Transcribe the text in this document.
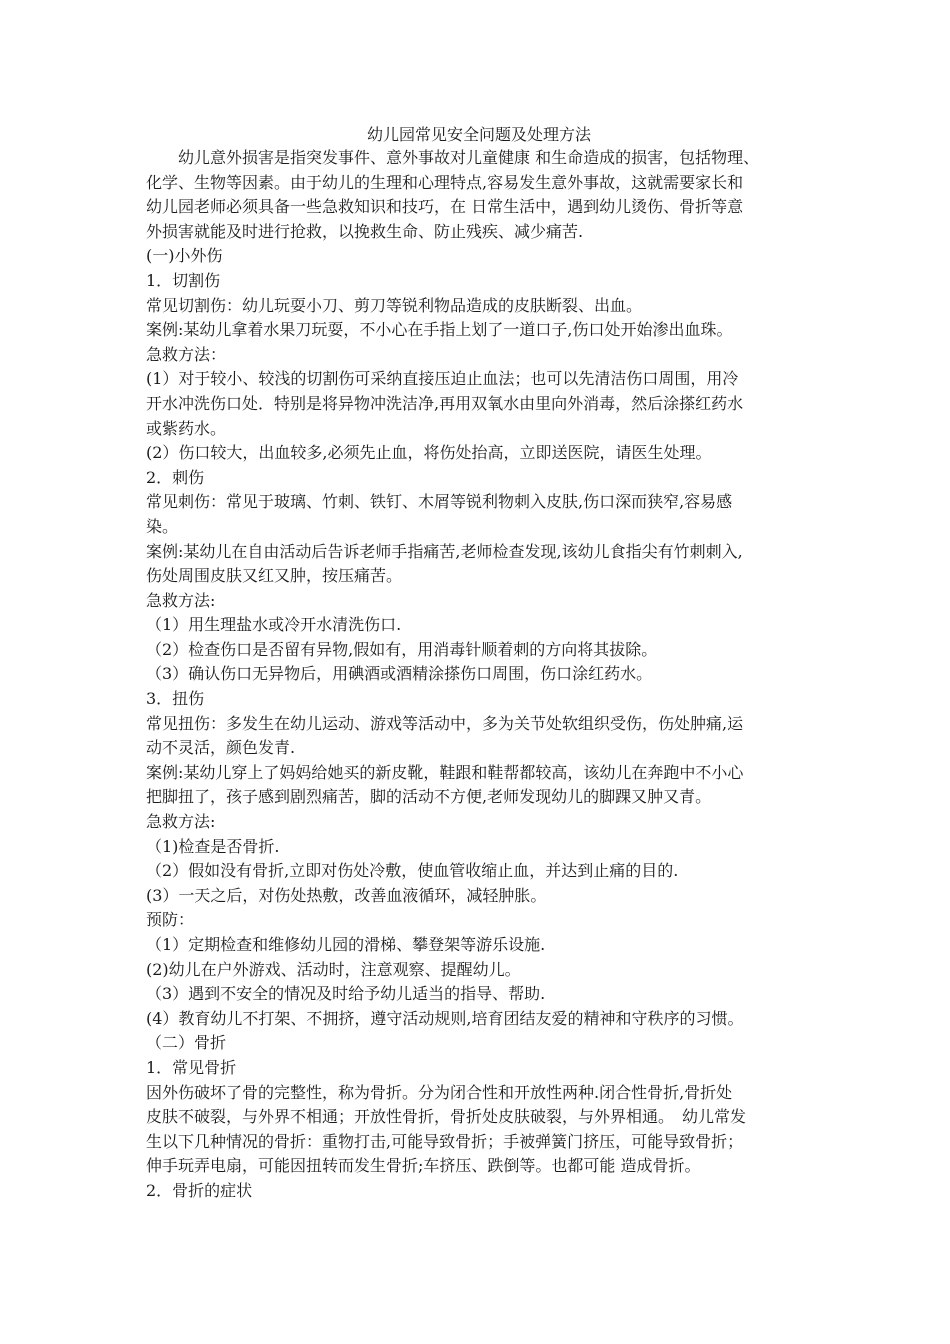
幼儿园常见安全问题及处理方法

　　幼儿意外损害是指突发事件、意外事故对儿童健康 和生命造成的损害，包括物理、

化学、生物等因素。由于幼儿的生理和心理特点,容易发生意外事故，这就需要家长和

幼儿园老师必须具备一些急救知识和技巧，在 日常生活中，遇到幼儿烫伤、骨折等意

外损害就能及时进行抢救，以挽救生命、防止残疾、减少痛苦.

(一)小外伤

1．切割伤

常见切割伤：幼儿玩耍小刀、剪刀等锐利物品造成的皮肤断裂、出血。

案例:某幼儿拿着水果刀玩耍，不小心在手指上划了一道口子,伤口处开始渗出血珠。

急救方法：

(1）对于较小、较浅的切割伤可采纳直接压迫止血法；也可以先清洁伤口周围，用冷

开水冲洗伤口处．特别是将异物冲洗洁净,再用双氧水由里向外消毒，然后涂搽红药水

或紫药水。

(2）伤口较大，出血较多,必须先止血，将伤处抬高，立即送医院，请医生处理。

2．刺伤

常见刺伤：常见于玻璃、竹刺、铁钉、木屑等锐利物刺入皮肤,伤口深而狭窄,容易感

染。

案例:某幼儿在自由活动后告诉老师手指痛苦,老师检查发现,该幼儿食指尖有竹刺刺入,

伤处周围皮肤又红又肿，按压痛苦。

急救方法:

（1）用生理盐水或冷开水清洗伤口.

（2）检查伤口是否留有异物,假如有，用消毒针顺着刺的方向将其拔除。

（3）确认伤口无异物后，用碘酒或酒精涂搽伤口周围，伤口涂红药水。

3．扭伤

常见扭伤：多发生在幼儿运动、游戏等活动中，多为关节处软组织受伤，伤处肿痛,运

动不灵活，颜色发青.

案例:某幼儿穿上了妈妈给她买的新皮靴，鞋跟和鞋帮都较高，该幼儿在奔跑中不小心

把脚扭了，孩子感到剧烈痛苦，脚的活动不方便,老师发现幼儿的脚踝又肿又青。

急救方法:

（1)检查是否骨折.

（2）假如没有骨折,立即对伤处冷敷，使血管收缩止血，并达到止痛的目的.

(3）一天之后，对伤处热敷，改善血液循环，减轻肿胀。

预防：

（1）定期检查和维修幼儿园的滑梯、攀登架等游乐设施.

(2)幼儿在户外游戏、活动时，注意观察、提醒幼儿。

（3）遇到不安全的情况及时给予幼儿适当的指导、帮助.

(4）教育幼儿不打架、不拥挤，遵守活动规则,培育团结友爱的精神和守秩序的习惯。

（二）骨折

1．常见骨折

因外伤破坏了骨的完整性，称为骨折。分为闭合性和开放性两种.闭合性骨折,骨折处

皮肤不破裂，与外界不相通；开放性骨折，骨折处皮肤破裂，与外界相通。　幼儿常发

生以下几种情况的骨折：重物打击,可能导致骨折；手被弹簧门挤压，可能导致骨折；

伸手玩弄电扇，可能因扭转而发生骨折;车挤压、跌倒等。也都可能 造成骨折。

2．骨折的症状
